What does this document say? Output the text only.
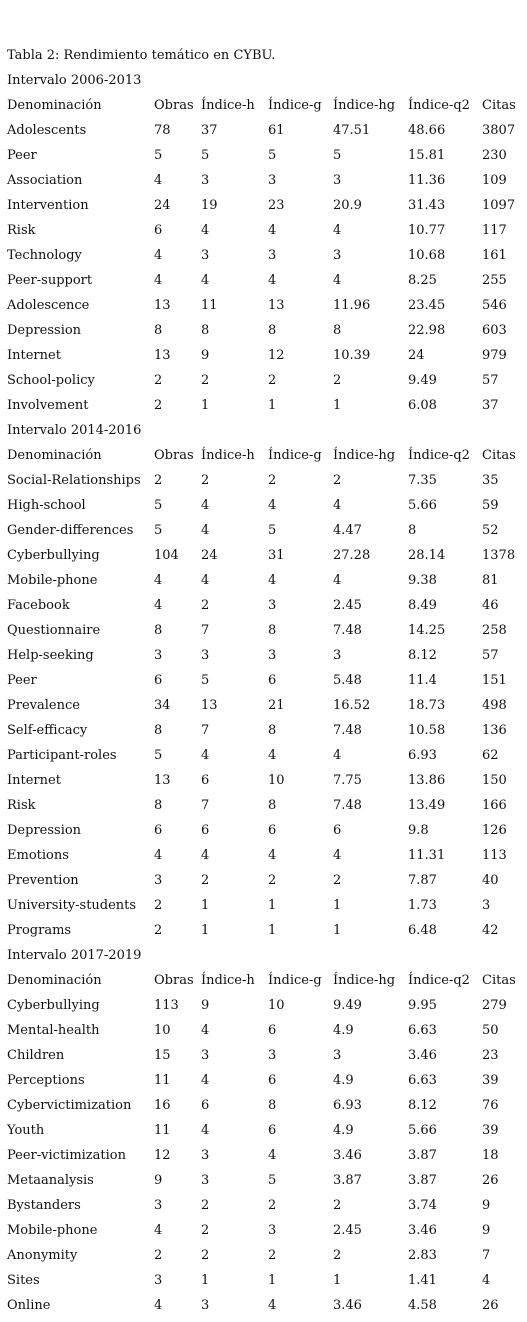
Tabla 2: Rendimiento temático en CYBU.
Intervalo 2006-2013
Denominación	Obras Índice-h Índice-g Índice-hg Índice-q2 Citas
Adolescents	78 37	61	47.51	48.66	3807
Peer	5	5	5	5	15.81	230
Association	4	3	3	3	11.36	109
Intervention	24 19	23	20.9	31.43	1097
Risk	6	4	4	4	10.77	117
Technology	4	3	3	3	10.68	161
Peer-support	4	4	4	4	8.25	255
Adolescence	13 11	13	11.96	23.45	546
Depression	8	8	8	8	22.98	603
Internet	13 9	12	10.39	24	979
School-policy	2	2	2	2	9.49	57
Involvement	2	1	1	1	6.08	37
Intervalo 2014-2016
Denominación	Obras Índice-h Índice-g Índice-hg Índice-q2 Citas
Social-Relationships 2	2	2	2	7.35	35
High-school	5	4	4	4	5.66	59
Gender-differences 5	4	5	4.47	8	52
Cyberbullying	104 24	31	27.28	28.14	1378
Mobile-phone	4	4	4	4	9.38	81
Facebook	4	2	3	2.45	8.49	46
Questionnaire	8	7	8	7.48	14.25	258
Help-seeking	3	3	3	3	8.12	57
Peer	6	5	6	5.48	11.4	151
Prevalence	34 13	21	16.52	18.73	498
Self-efficacy	8	7	8	7.48	10.58	136
Participant-roles	5	4	4	4	6.93	62
Internet	13 6	10	7.75	13.86	150
Risk	8	7	8	7.48	13.49	166
Depression	6	6	6	6	9.8	126
Emotions	4	4	4	4	11.31	113
Prevention	3	2	2	2	7.87	40
University-students 2	1	1	1	1.73	3
Programs	2	1	1	1	6.48	42
Intervalo 2017-2019
Denominación	Obras Índice-h Índice-g Índice-hg Índice-q2 Citas
Cyberbullying	113 9	10	9.49	9.95	279
Mental-health	10 4	6	4.9	6.63	50
Children	15 3	3	3	3.46	23
Perceptions	11 4	6	4.9	6.63	39
Cybervictimization 16 6	8	6.93	8.12	76
Youth	11 4	6	4.9	5.66	39
Peer-victimization 12 3	4	3.46	3.87	18
Metaanalysis	9	3	5	3.87	3.87	26
Bystanders	3	2	2	2	3.74	9
Mobile-phone	4	2	3	2.45	3.46	9
Anonymity	2	2	2	2	2.83	7
Sites	3	1	1	1	1.41	4
Online	4	3	4	3.46	4.58	26
